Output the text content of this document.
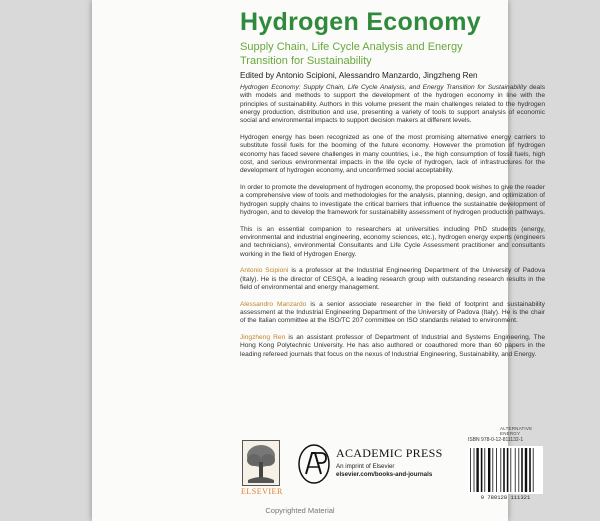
Hydrogen Economy
Supply Chain, Life Cycle Analysis and Energy Transition for Sustainability
Edited by Antonio Scipioni, Alessandro Manzardo, Jingzheng Ren

Hydrogen Economy: Supply Chain, Life Cycle Analysis, and Energy Transition for Sustainability deals with models and methods to support the development of the hydrogen economy in line with the principles of sustainability. Authors in this volume present the main challenges related to the hydrogen energy production, distribution and use, presenting a variety of tools to support analysis of economic social and environmental impacts to support decision makers at different levels.

Hydrogen energy has been recognized as one of the most promising alternative energy carriers to substitute fossil fuels for the booming of the future economy. However the promotion of hydrogen economy has faced severe challenges in many countries, i.e., the high consumption of fossil fuels, high cost, and serious environmental impacts in the life cycle of hydrogen, lack of infrastructures for the development of hydrogen economy, and unconfirmed social acceptability.

In order to promote the development of hydrogen economy, the proposed book wishes to give the reader a comprehensive view of tools and methodologies for the analysis, planning, design, and optimization of hydrogen supply chains to investigate the critical barriers that influence the sustainable development of hydrogen, and to develop the framework for sustainability assessment of hydrogen production pathways.

This is an essential companion to researchers at universities including PhD students (energy, environmental and industrial engineering, economy sciences, etc.), hydrogen energy experts (engineers and technicians), environmental Consultants and Life Cycle Assessment practitioner and consultants working in the field of Hydrogen Energy.

Antonio Scipioni is a professor at the Industrial Engineering Department of the University of Padova (Italy). He is the director of CESQA, a leading research group with outstanding research results in the field of environmental and energy management.

Alessandro Manzardo is a senior associate researcher in the field of footprint and sustainability assessment at the Industrial Engineering Department of the University of Padova (Italy). He is the chair of the Italian committee at the ISO/TC 207 committee on ISO standards related to environment.

Jingzheng Ren is an assistant professor of Department of Industrial and Systems Engineering, The Hong Kong Polytechnic University. He has also authored or coauthored more than 60 papers in the leading refereed journals that focus on the nexus of Industrial Engineering, Sustainability, and Energy.

ELSEVIER
ACADEMIC PRESS
An imprint of Elsevier
elsevier.com/books-and-journals
ALTERNATIVE ENERGY
ISBN 978-0-12-811132-1
9 780128 111321
Copyrighted Material
